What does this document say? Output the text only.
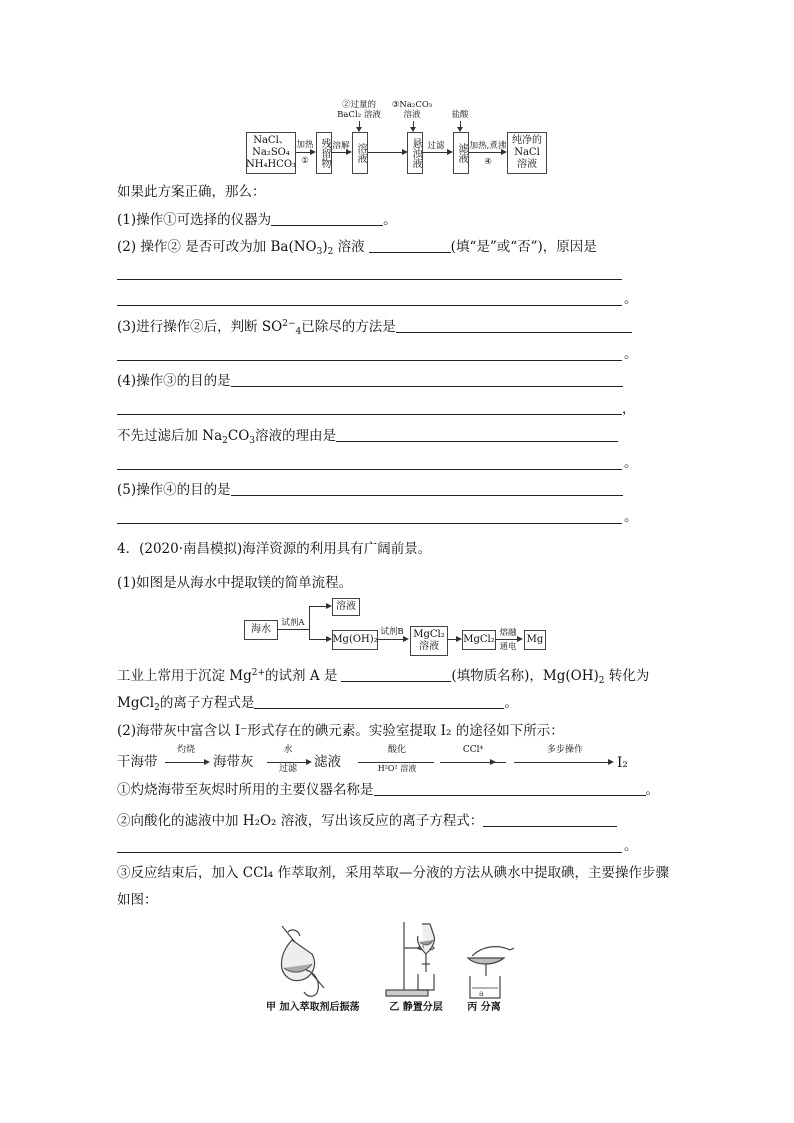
NaCl、
Na₂SO₄
NH₄HCO₃
加热
①	残留物 溶解 溶液
②过量的
BaCl₂ 溶液
③Na₂CO₃
溶液
悬浊液 过滤
盐酸
滤液 加热,煮沸
④
纯净的
NaCl
溶液
如果此方案正确，那么：
(1)操作①可选择的仪器为	。
(2) 操作② 是否可改为加 $Ba(NO_3)_2$ 溶液	(填“是”或“否”)，原因是
。
(3)进行操作②后，判断 $SO^{2-}_4$已除尽的方法是
。
(4)操作③的目的是
，
不先过滤后加 $Na_2CO_3$溶液的理由是
。
(5)操作④的目的是
。
4．(2020·南昌模拟)海洋资源的利用具有广阔前景。
(1)如图是从海水中提取镁的简单流程。
海水
试剂A
溶液
Mg(OH)₂
试剂B MgCl₂
溶液
MgCl₂
熔融
通电
Mg
工业上常用于沉淀 $Mg^{2+}$的试剂 A 是	(填物质名称)，$Mg(OH)_2$ 转化为
MgCl$_2$的离子方程式是	。
(2)海带灰中富含以 I⁻形式存在的碘元素。实验室提取 I₂ 的途径如下所示：
干海带
灼烧
海带灰
水
过滤	滤液
酸化
H²O² 溶液
CCl⁴	多步操作
I₂
①灼烧海带至灰烬时所用的主要仪器名称是	。
②向酸化的滤液中加 H₂O₂ 溶液，写出该反应的离子方程式：
。
③反应结束后，加入 CCl₄ 作萃取剂，采用萃取—分液的方法从碘水中提取碘，主要操作步骤
如图：
a
甲 加入萃取剂后振荡	乙 静置分层	丙 分离
